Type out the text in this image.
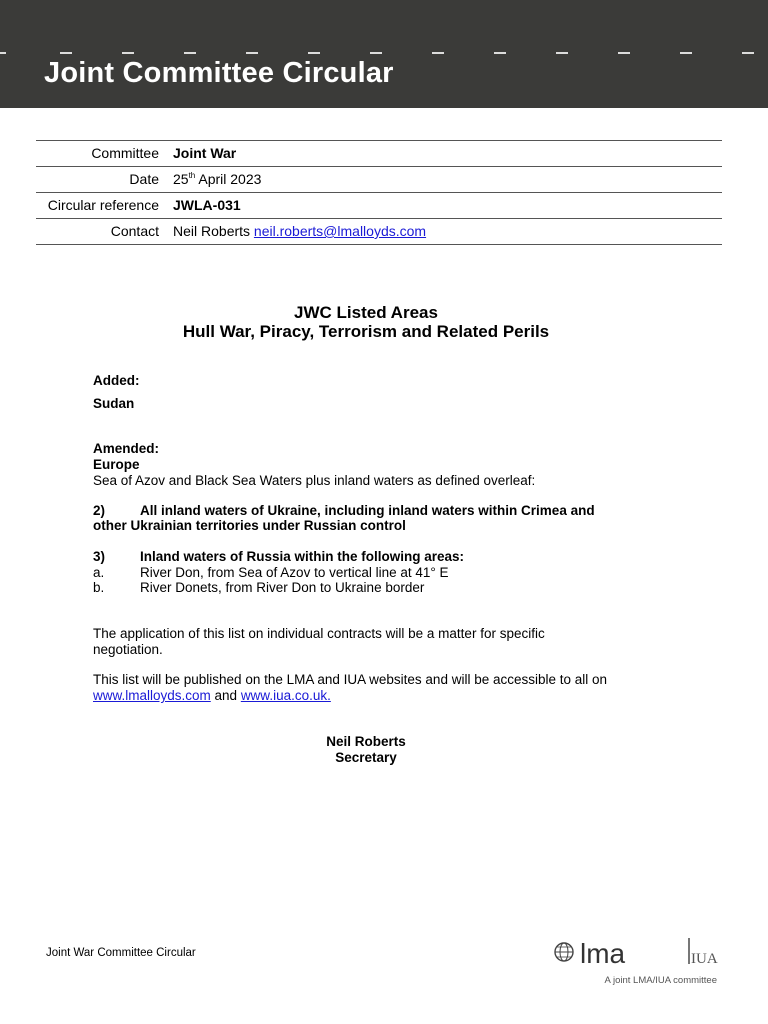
Joint Committee Circular
Committee Joint War
Date 25th April 2023
Circular reference JWLA-031
Contact Neil Roberts neil.roberts@lmalloyds.com
JWC Listed Areas
Hull War, Piracy, Terrorism and Related Perils
Added:
Sudan
Amended:
Europe
Sea of Azov and Black Sea Waters plus inland waters as defined overleaf:
2)	All inland waters of Ukraine, including inland waters within Crimea and
other Ukrainian territories under Russian control
3)	Inland waters of Russia within the following areas:
a.	River Don, from Sea of Azov to vertical line at 41° E
b.	River Donets, from River Don to Ukraine border
The application of this list on individual contracts will be a matter for specific
negotiation.
This list will be published on the LMA and IUA websites and will be accessible to all on
www.lmalloyds.com and www.iua.co.uk.
Neil Roberts
Secretary
Joint War Committee Circular	lma	IUA
A joint LMA/IUA committee
